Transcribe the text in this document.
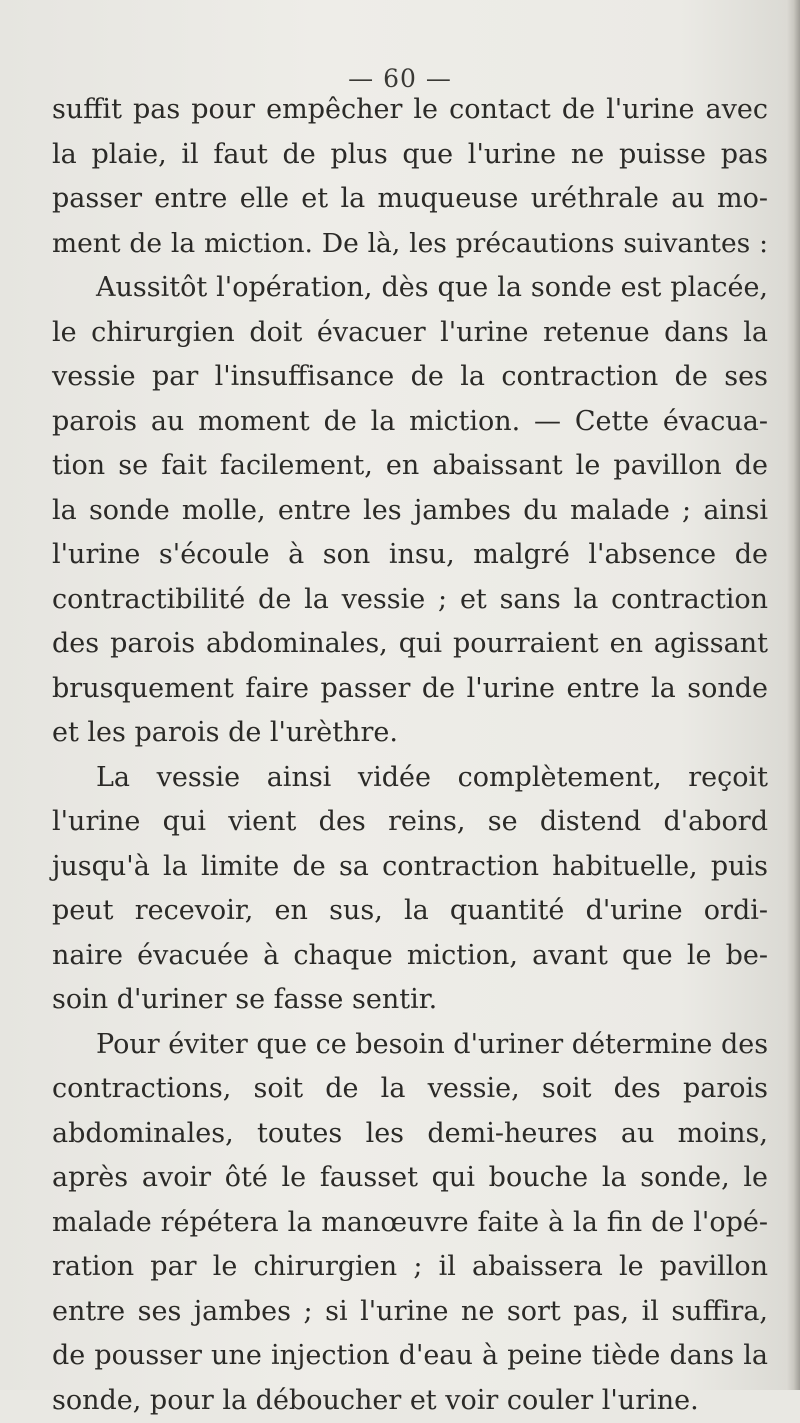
— 60 —
suffit pas pour empêcher le contact de l'urine avec
la plaie, il faut de plus que l'urine ne puisse pas
passer entre elle et la muqueuse uréthrale au mo-
ment de la miction. De là, les précautions suivantes :
Aussitôt l'opération, dès que la sonde est placée,
le chirurgien doit évacuer l'urine retenue dans la
vessie par l'insuffisance de la contraction de ses
parois au moment de la miction. — Cette évacua-
tion se fait facilement, en abaissant le pavillon de
la sonde molle, entre les jambes du malade ; ainsi
l'urine s'écoule à son insu, malgré l'absence de
contractibilité de la vessie ; et sans la contraction
des parois abdominales, qui pourraient en agissant
brusquement faire passer de l'urine entre la sonde
et les parois de l'urèthre.
La vessie ainsi vidée complètement, reçoit
l'urine qui vient des reins, se distend d'abord
jusqu'à la limite de sa contraction habituelle, puis
peut recevoir, en sus, la quantité d'urine ordi-
naire évacuée à chaque miction, avant que le be-
soin d'uriner se fasse sentir.
Pour éviter que ce besoin d'uriner détermine des
contractions, soit de la vessie, soit des parois
abdominales, toutes les demi-heures au moins,
après avoir ôté le fausset qui bouche la sonde, le
malade répétera la manœuvre faite à la fin de l'opé-
ration par le chirurgien ; il abaissera le pavillon
entre ses jambes ; si l'urine ne sort pas, il suffira,
de pousser une injection d'eau à peine tiède dans la
sonde, pour la déboucher et voir couler l'urine.
